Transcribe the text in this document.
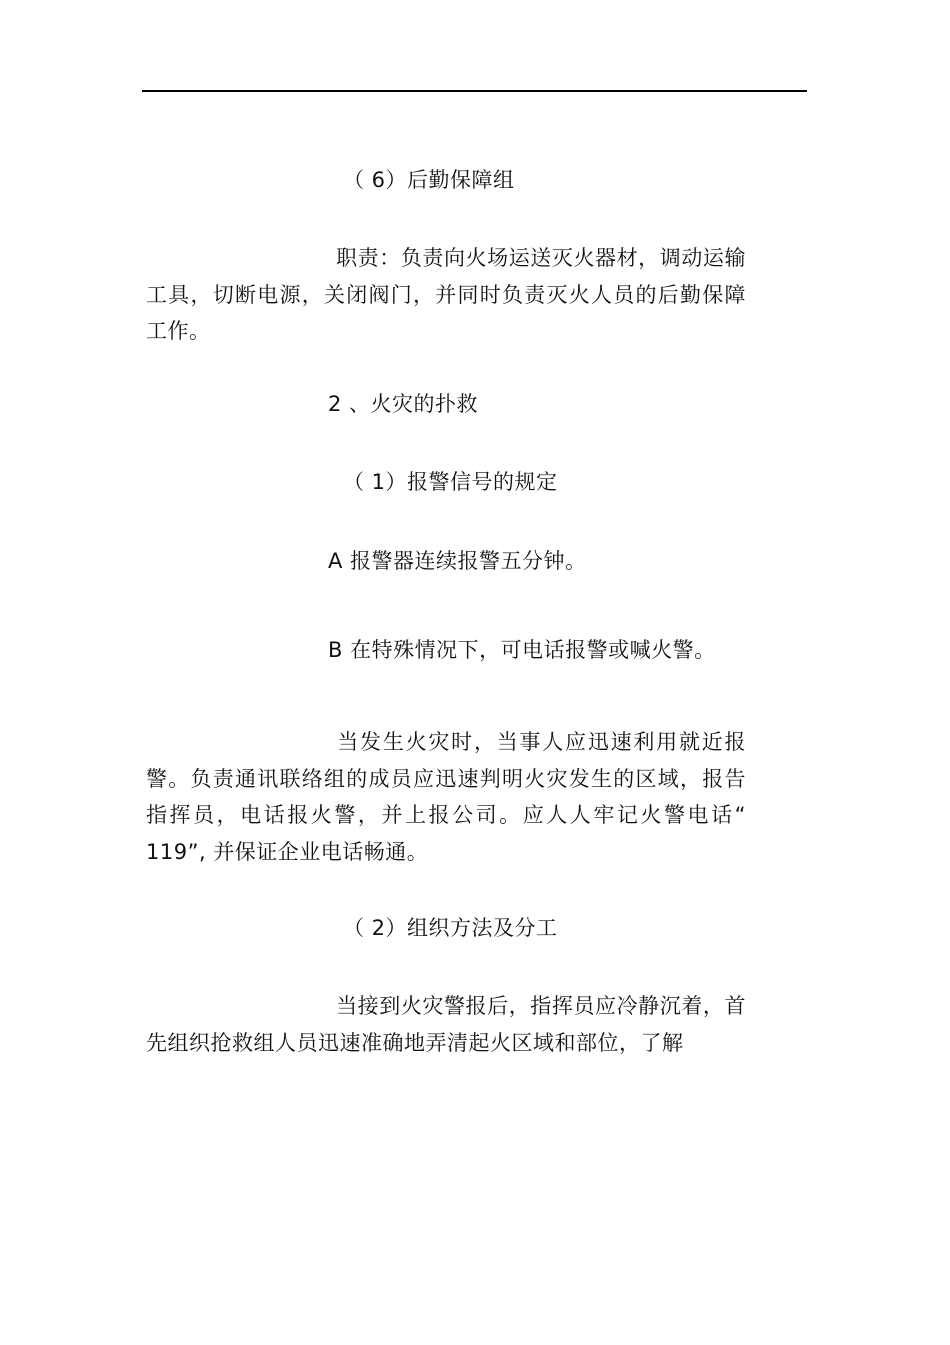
（ 6）后勤保障组
职责：负责向火场运送灭火器材，调动运输工具，切断电源，关闭阀门，并同时负责灭火人员的后勤保障工作。
2 、火灾的扑救
（ 1）报警信号的规定
A 报警器连续报警五分钟。
B 在特殊情况下，可电话报警或喊火警。
当发生火灾时，当事人应迅速利用就近报警。负责通讯联络组的成员应迅速判明火灾发生的区域，报告指挥员，电话报火警，并上报公司。应人人牢记火警电话“ 119”, 并保证企业电话畅通。
（ 2）组织方法及分工
当接到火灾警报后，指挥员应冷静沉着，首先组织抢救组人员迅速准确地弄清起火区域和部位，了解
